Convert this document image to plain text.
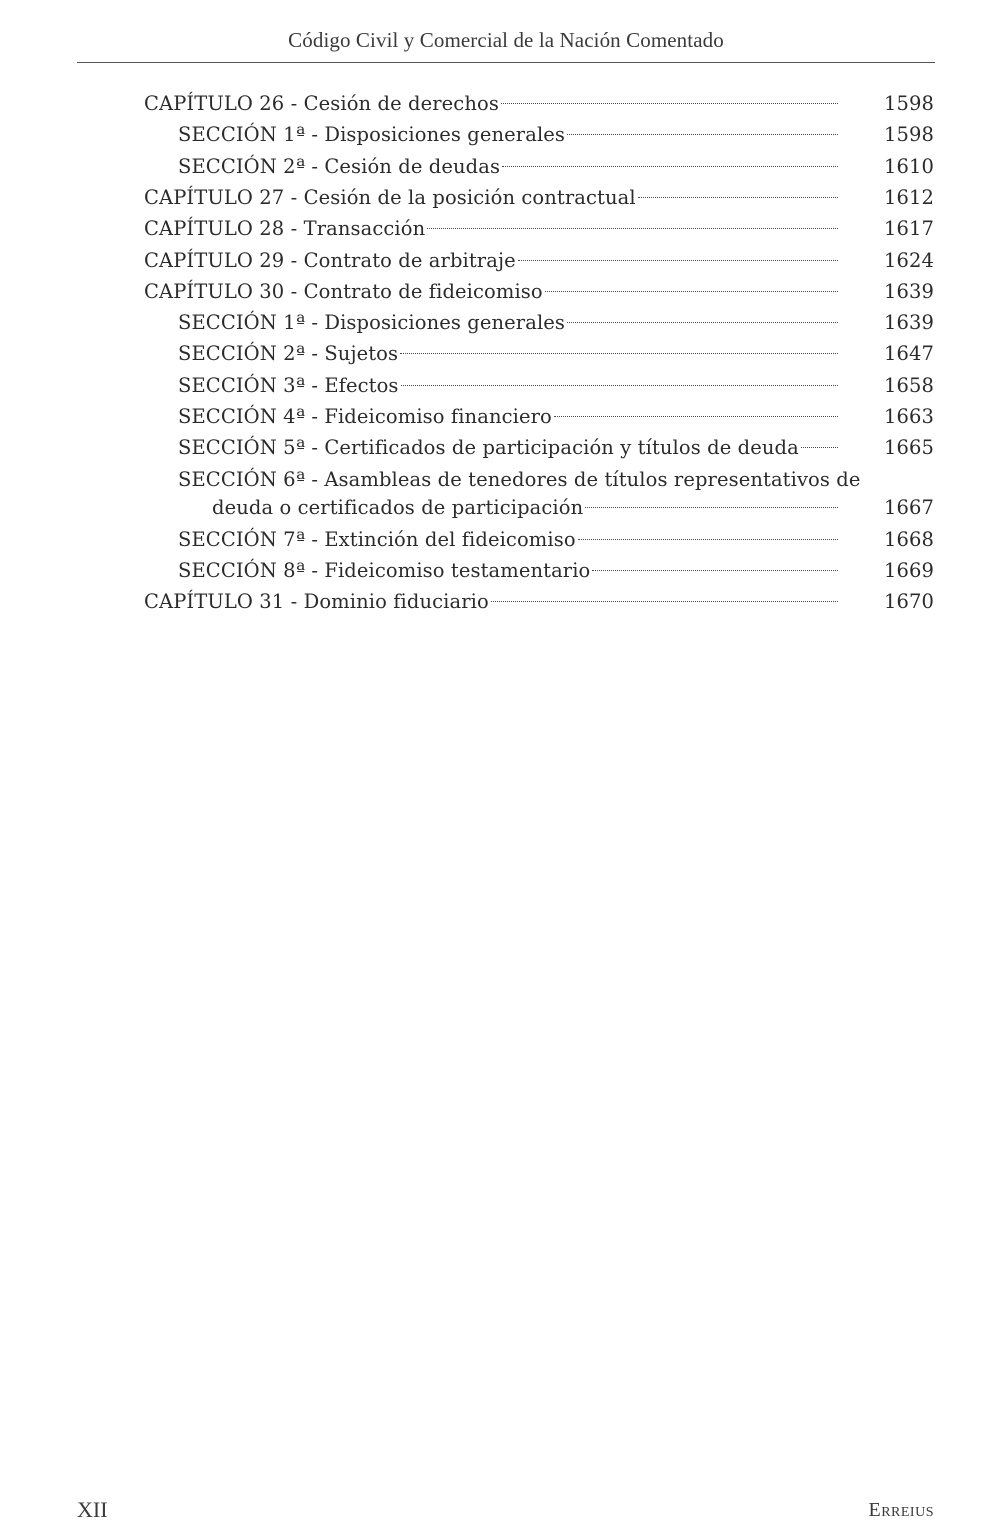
Código Civil y Comercial de la Nación Comentado
CAPÍTULO 26 - Cesión de derechos	1598
SECCIÓN 1ª - Disposiciones generales	1598
SECCIÓN 2ª - Cesión de deudas	1610
CAPÍTULO 27 - Cesión de la posición contractual	1612
CAPÍTULO 28 - Transacción	1617
CAPÍTULO 29 - Contrato de arbitraje	1624
CAPÍTULO 30 - Contrato de fideicomiso	1639
SECCIÓN 1ª - Disposiciones generales	1639
SECCIÓN 2ª - Sujetos	1647
SECCIÓN 3ª - Efectos	1658
SECCIÓN 4ª - Fideicomiso financiero	1663
SECCIÓN 5ª - Certificados de participación y títulos de deuda	1665
SECCIÓN 6ª - Asambleas de tenedores de títulos representativos de
deuda o certificados de participación	1667
SECCIÓN 7ª - Extinción del fideicomiso	1668
SECCIÓN 8ª - Fideicomiso testamentario	1669
CAPÍTULO 31 - Dominio fiduciario	1670
XII	Erreius
